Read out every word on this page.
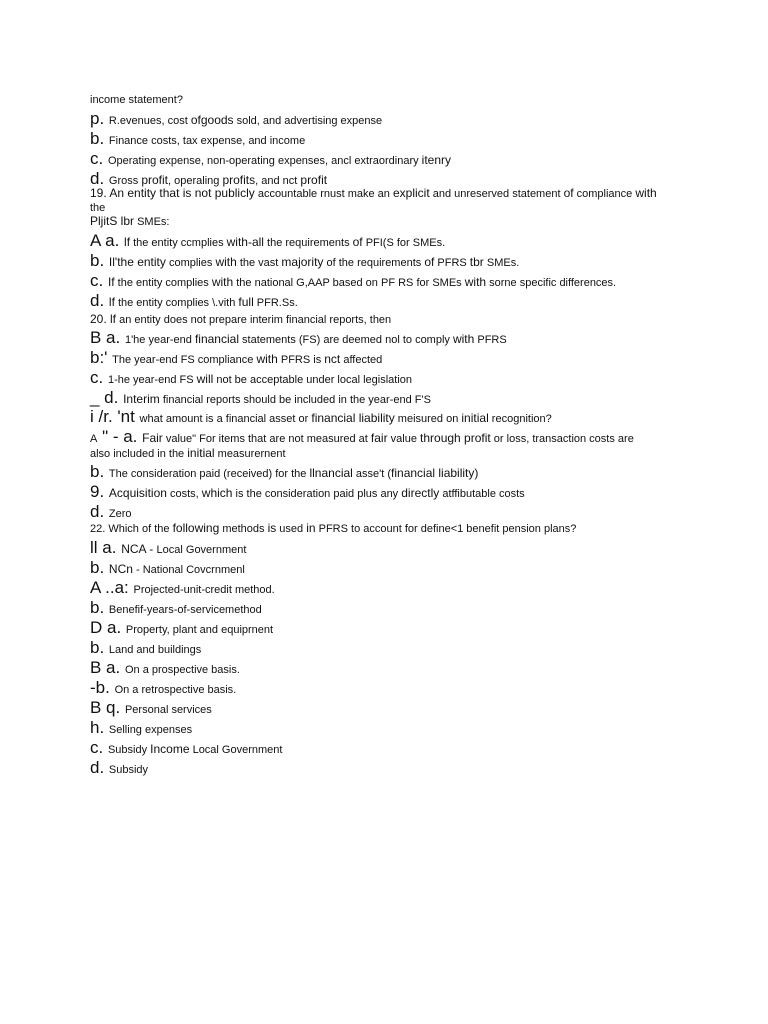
income statement?
p. R.evenues, cost ofgoods sold, and advertising expense
b. Finance costs, tax expense, and income
c. Operating expense, non-operating expenses, ancl extraordinary itenry
d. Gross profit, operaling profits, and nct profit
19. An entity that is not publicly accountable rnust make an explicit and unreserved statement of compliance with
the
PljitS lbr SMEs:
A a. lf the entity ccmplies with-all the requirements of PFI(S for SMEs.
b. Il'the entity complies with the vast majority of the requirements of PFRS tbr SMEs.
c. If the entity complies with the national G,AAP based on PF RS for SMEs with sorne specific differences.
d. lf the entity complies \.vith full PFR.Ss.
20. lf an entity does not prepare interim financial reports, then
B a. 1'he year-end financial statements (FS) are deemed nol to comply with PFRS
b:' The year-end FS compliance with PFRS is nct affected
c. 1-he year-end FS will not be acceptable under local legislation
_ d. Interim financial reports should be included in the year-end F'S
i /r. 'nt what amount is a financial asset or financial liability meisured on initial recognition?
A " - a. Fair value" For items that are not measured at fair value through profit or loss, transaction costs are
also included in the initial measurernent
b. The consideration paid (received) for the llnancial asse't (financial liability)
9. Acquisition costs, which is the consideration paid plus any directly atffibutable costs
d. Zero
22. Which of the following methods is used in PFRS to account for define<1 benefit pension plans?
ll a. NCA - Local Government
b. NCn - National Covcrnmenl
A ..a: Projected-unit-credit method.
b. Benefif-years-of-servicemethod
D a. Property, plant and equiprnent
b. Land and buildings
B a. On a prospective basis.
-b. On a retrospective basis.
B q. Personal services
h. Selling expenses
c. Subsidy Income Local Government
d. Subsidy
